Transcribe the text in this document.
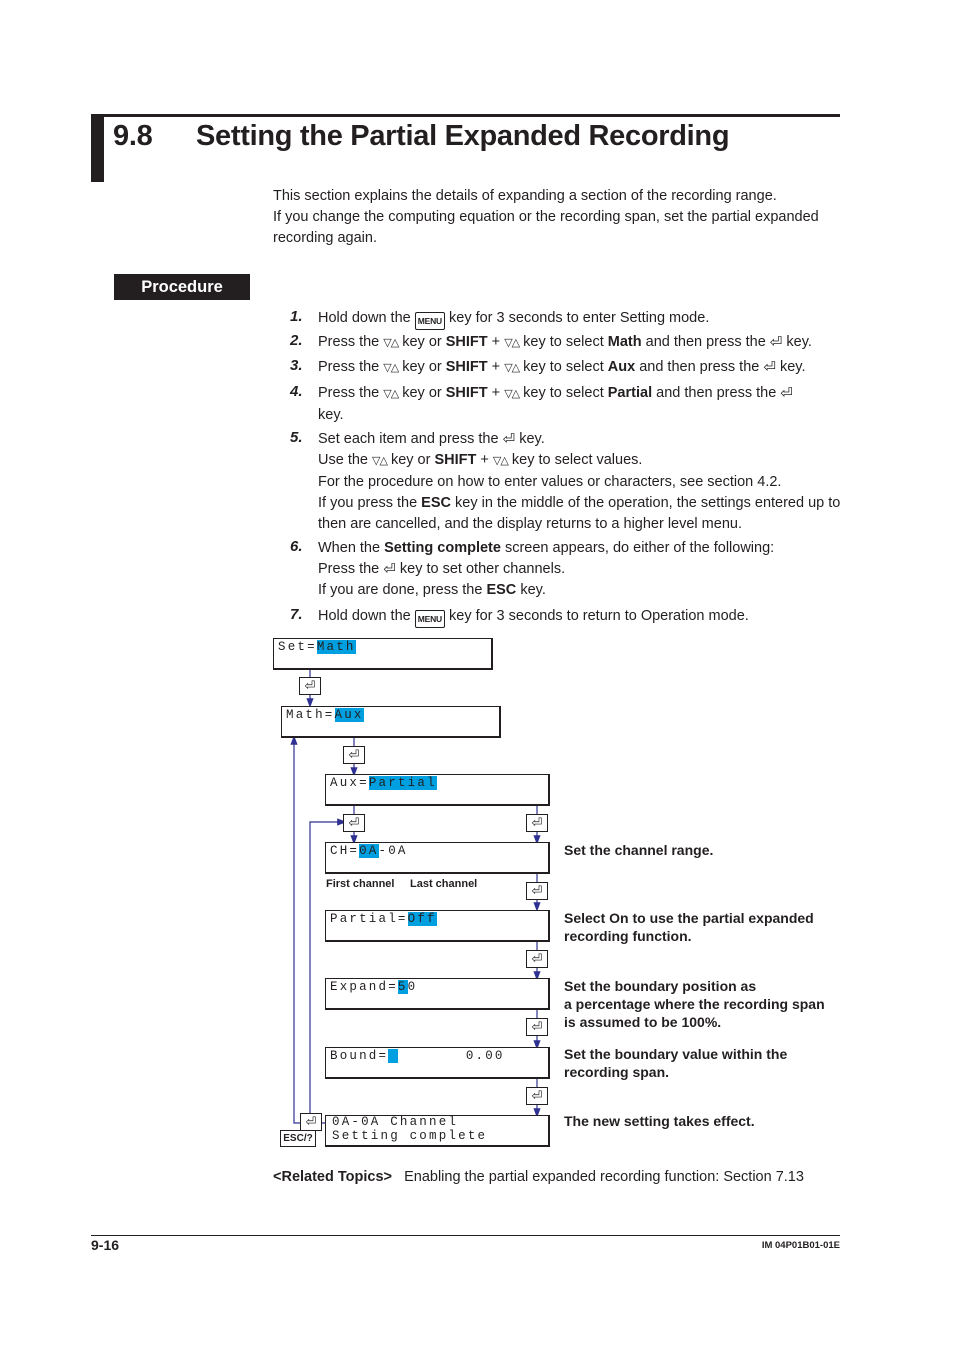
9.8 Setting the Partial Expanded Recording
This section explains the details of expanding a section of the recording range.
If you change the computing equation or the recording span, set the partial expanded
recording again.
Procedure
1. Hold down the MENU key for 3 seconds to enter Setting mode.
2. Press the ▽△ key or SHIFT + ▽△ key to select Math and then press the ⏎ key.
3. Press the ▽△ key or SHIFT + ▽△ key to select Aux and then press the ⏎ key.
4. Press the ▽△ key or SHIFT + ▽△ key to select Partial and then press the ⏎
key.
5. Set each item and press the ⏎ key.
Use the ▽△ key or SHIFT + ▽△ key to select values.
For the procedure on how to enter values or characters, see section 4.2.
If you press the ESC key in the middle of the operation, the settings entered up to
then are cancelled, and the display returns to a higher level menu.
6. When the Setting complete screen appears, do either of the following:
Press the ⏎ key to set other channels.
If you are done, press the ESC key.
7. Hold down the MENU key for 3 seconds to return to Operation mode.
⏎
⏎
⏎	⏎
⏎
⏎
⏎
⏎
⏎
ESC/?
Set=Math
Math=Aux
Aux=Partial
CH=0A-0A
Partial=Off
Expand=50
Bound=        0.00
0A-0A Channel
Setting complete
First channel Last channel
Set the channel range.
Select On to use the partial expanded
recording function.
Set the boundary position as
a percentage where the recording span
is assumed to be 100%.
Set the boundary value within the
recording span.
The new setting takes effect.
<Related Topics> Enabling the partial expanded recording function: Section 7.13
9-16	IM 04P01B01-01E
